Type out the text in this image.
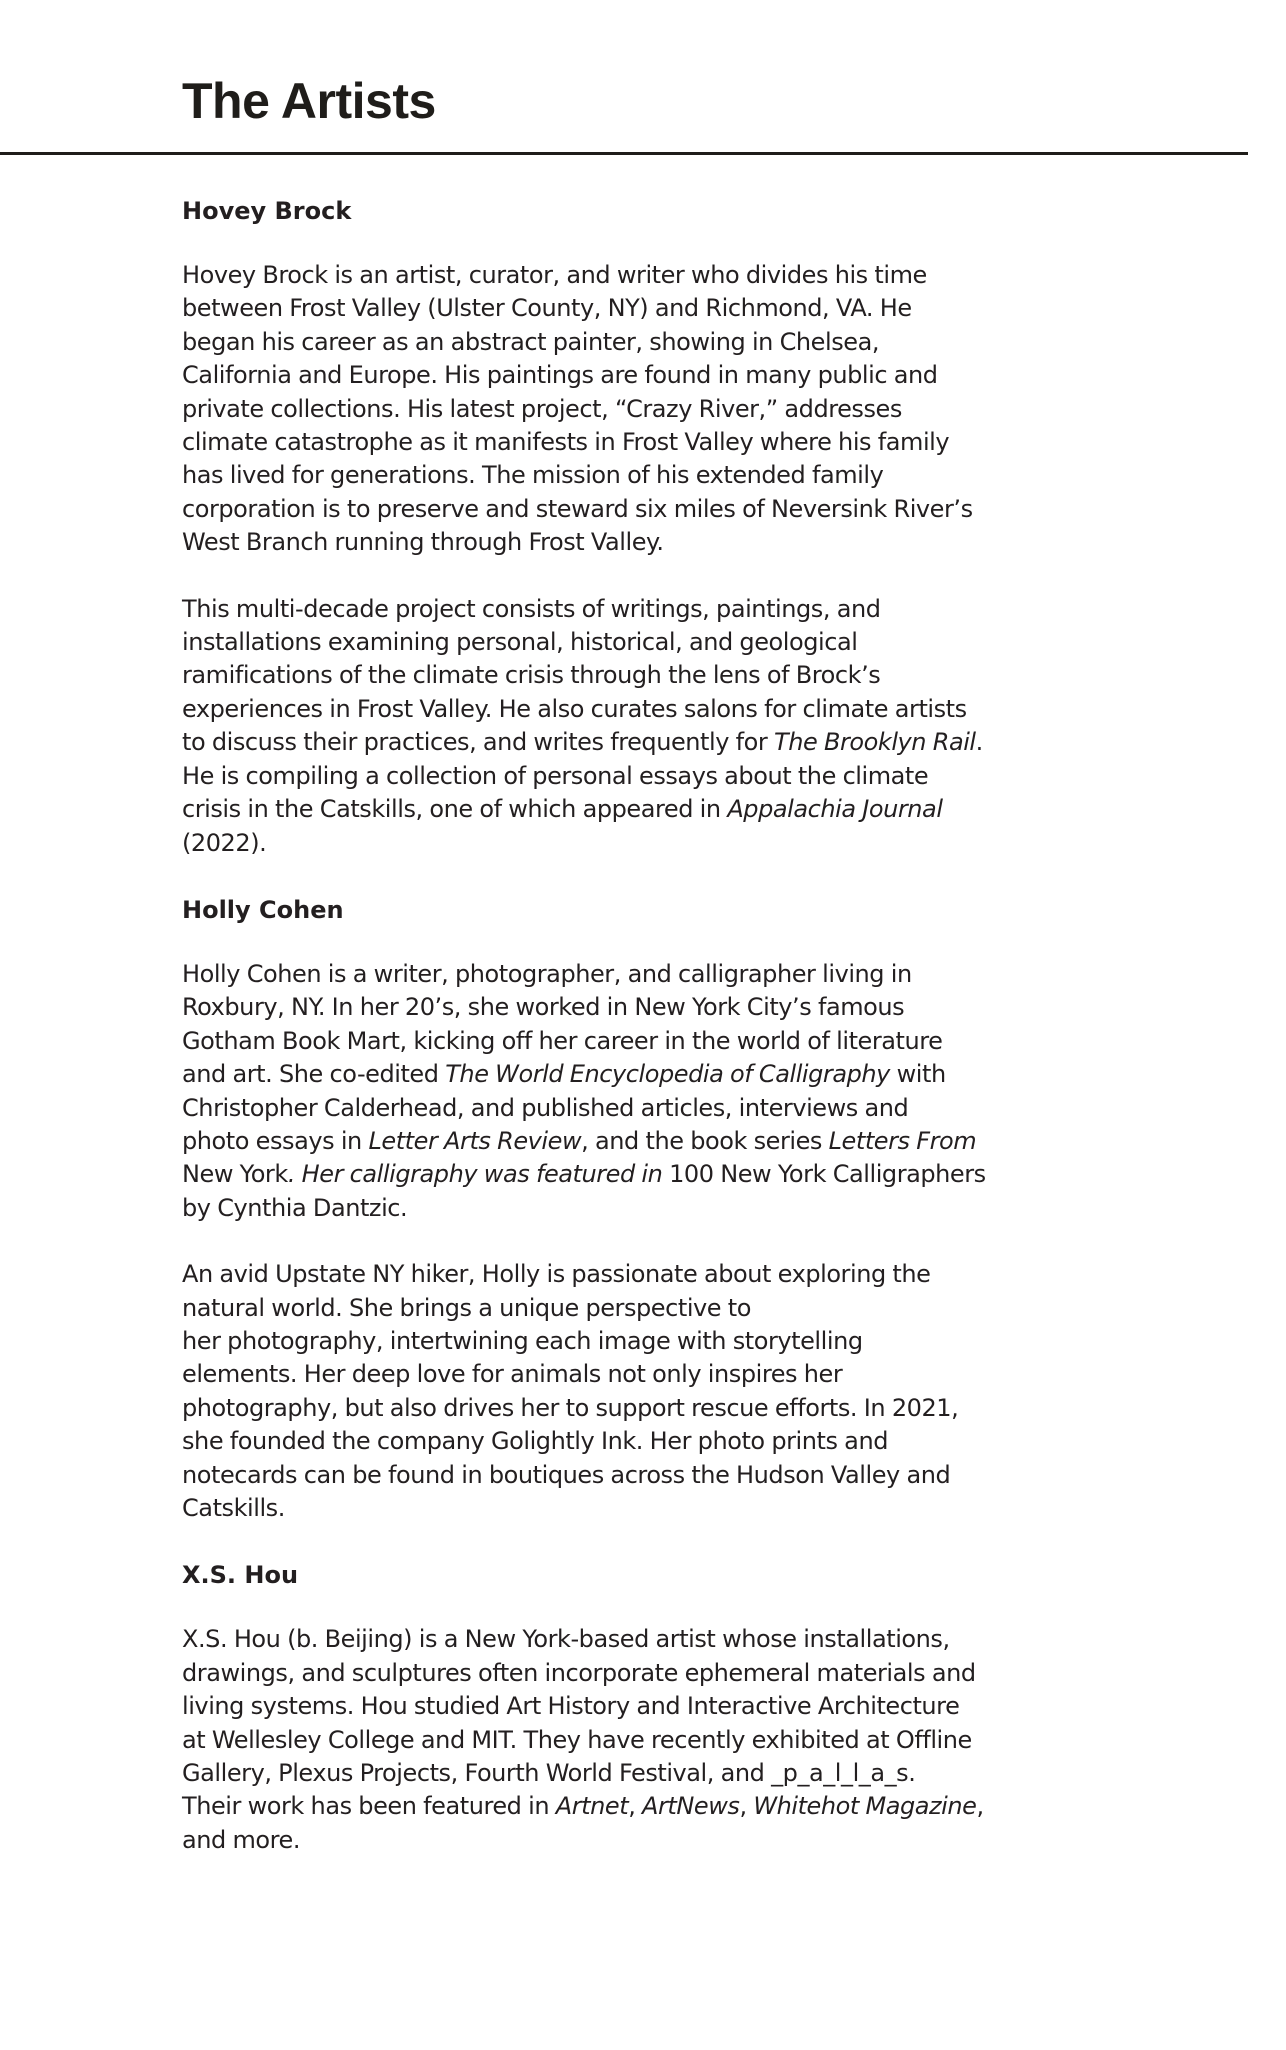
The Artists
Hovey Brock

Hovey Brock is an artist, curator, and writer who divides his time
between Frost Valley (Ulster County, NY) and Richmond, VA. He
began his career as an abstract painter, showing in Chelsea,
California and Europe. His paintings are found in many public and
private collections. His latest project, “Crazy River,” addresses
climate catastrophe as it manifests in Frost Valley where his family
has lived for generations. The mission of his extended family
corporation is to preserve and steward six miles of Neversink River’s
West Branch running through Frost Valley.

This multi-decade project consists of writings, paintings, and
installations examining personal, historical, and geological
ramifications of the climate crisis through the lens of Brock’s
experiences in Frost Valley. He also curates salons for climate artists
to discuss their practices, and writes frequently for The Brooklyn Rail.
He is compiling a collection of personal essays about the climate
crisis in the Catskills, one of which appeared in Appalachia Journal
(2022).

Holly Cohen

Holly Cohen is a writer, photographer, and calligrapher living in
Roxbury, NY. In her 20’s, she worked in New York City’s famous
Gotham Book Mart, kicking off her career in the world of literature
and art. She co-edited The World Encyclopedia of Calligraphy with
Christopher Calderhead, and published articles, interviews and
photo essays in Letter Arts Review, and the book series Letters From
New York. Her calligraphy was featured in 100 New York Calligraphers
by Cynthia Dantzic.

An avid Upstate NY hiker, Holly is passionate about exploring the
natural world. She brings a unique perspective to
her photography, intertwining each image with storytelling
elements. Her deep love for animals not only inspires her
photography, but also drives her to support rescue efforts. In 2021,
she founded the company Golightly Ink. Her photo prints and
notecards can be found in boutiques across the Hudson Valley and
Catskills.

X.S. Hou

X.S. Hou (b. Beijing) is a New York-based artist whose installations,
drawings, and sculptures often incorporate ephemeral materials and
living systems. Hou studied Art History and Interactive Architecture
at Wellesley College and MIT. They have recently exhibited at Offline
Gallery, Plexus Projects, Fourth World Festival, and _p_a_l_l_a_s.
Their work has been featured in Artnet, ArtNews, Whitehot Magazine,
and more.
